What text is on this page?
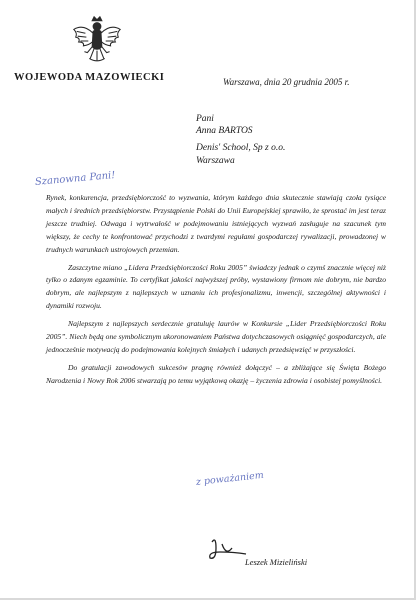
WOJEWODA MAZOWIECKI	Warszawa, dnia 20 grudnia 2005 r.
Pani
Anna BARTOS
Denis' School, Sp z o.o.
Warszawa
Szanowna Pani!

Rynek, konkurencja, przedsiębiorczość to wyzwania, którym każdego dnia skutecznie stawiają czoła tysiące małych i średnich przedsiębiorstw. Przystąpienie Polski do Unii Europejskiej sprawiło, że sprostać im jest teraz jeszcze trudniej. Odwaga i wytrwałość w podejmowaniu istniejących wyzwań zasługuje na szacunek tym większy, że cechy te konfrontować przychodzi z twardymi regułami gospodarczej rywalizacji, prowadzonej w trudnych warunkach ustrojowych przemian.

Zaszczytne miano „Lidera Przedsiębiorczości Roku 2005” świadczy jednak o czymś znacznie więcej niż tylko o zdanym egzaminie. To certyfikat jakości najwyższej próby, wystawiony firmom nie dobrym, nie bardzo dobrym, ale najlepszym z najlepszych w uznaniu ich profesjonalizmu, inwencji, szczególnej aktywności i dynamiki rozwoju.

Najlepszym z najlepszych serdecznie gratuluję laurów w Konkursie „Lider Przedsiębiorczości Roku 2005”. Niech będą one symbolicznym ukoronowaniem Państwa dotychczasowych osiągnięć gospodarczych, ale jednocześnie motywacją do podejmowania kolejnych śmiałych i udanych przedsięwzięć w przyszłości.

Do gratulacji zawodowych sukcesów pragnę również dołączyć – a zbliżające się Święta Bożego Narodzenia i Nowy Rok 2006 stwarzają po temu wyjątkową okazję – życzenia zdrowia i osobistej pomyślności.

z poważaniem
Leszek Mizieliński
